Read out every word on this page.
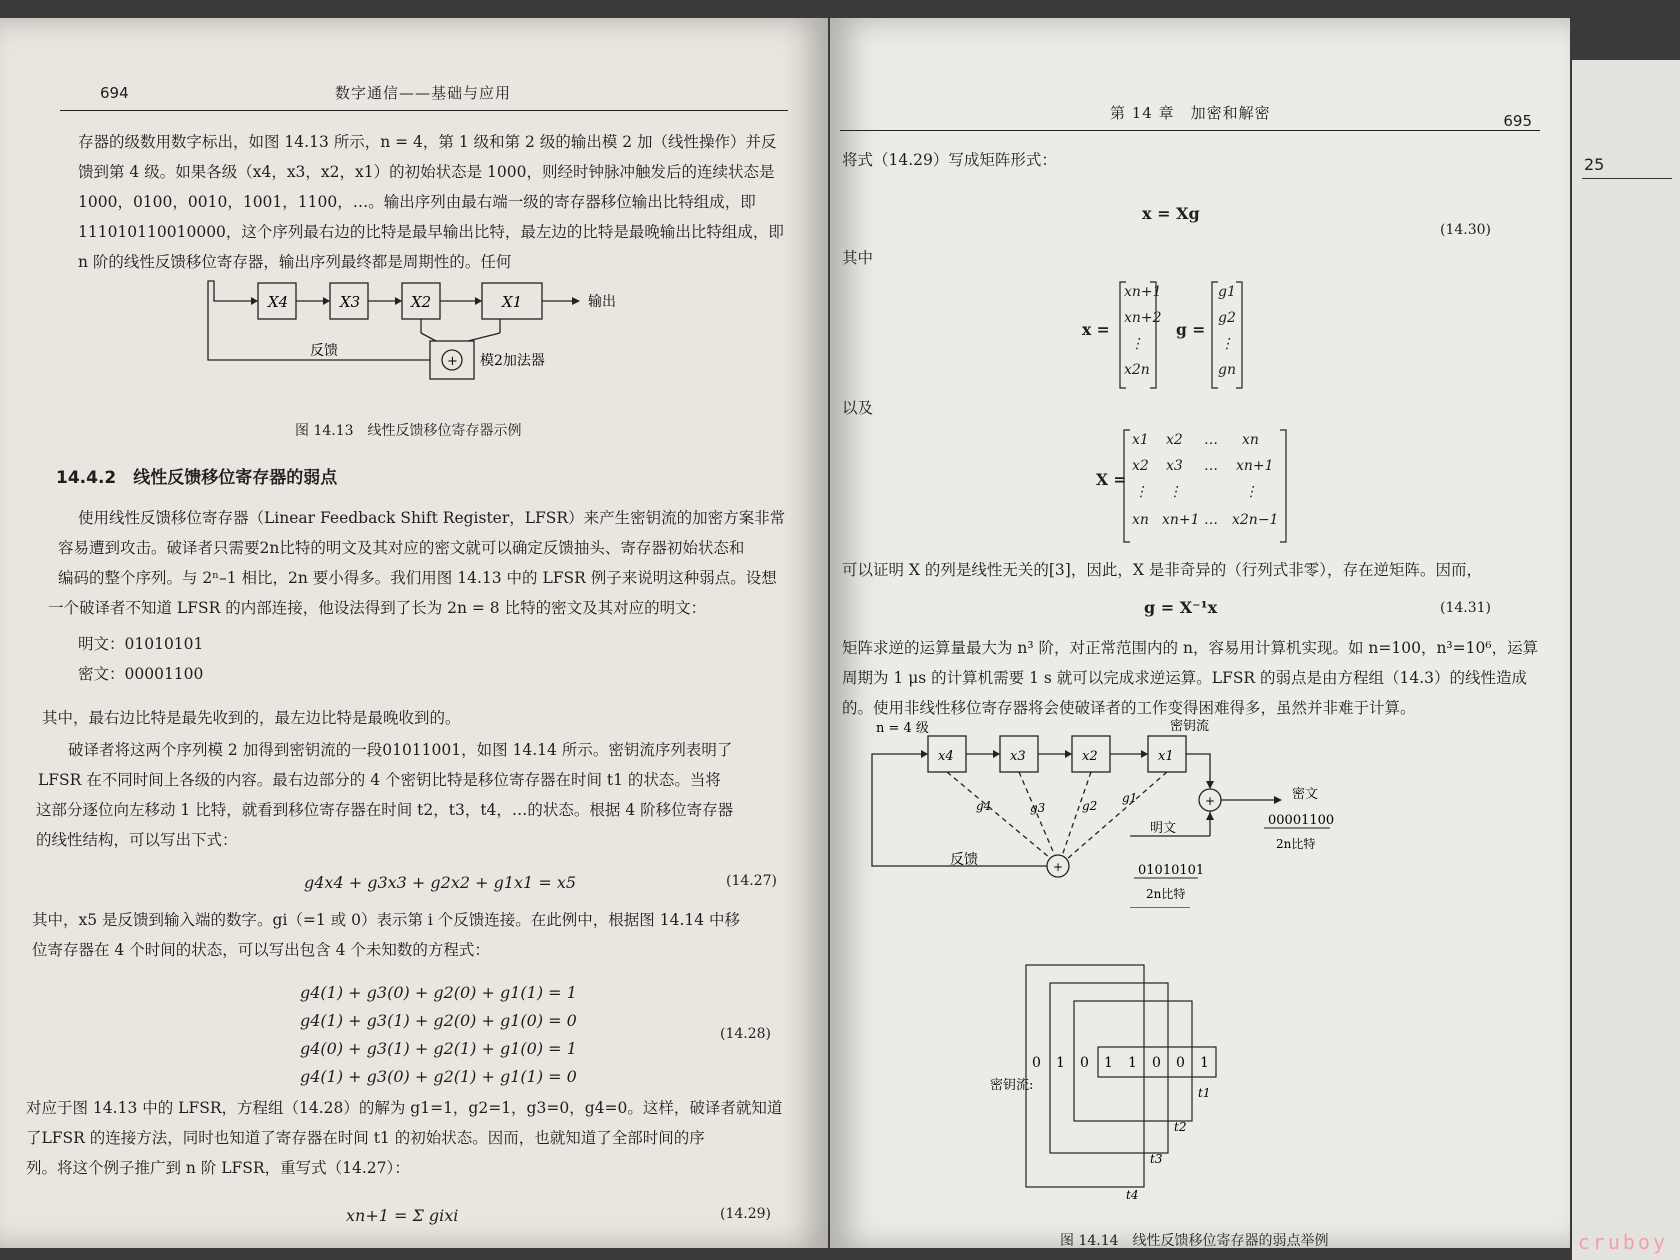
694	数字通信——基础与应用
存器的级数用数字标出，如图 14.13 所示，n = 4，第 1 级和第 2 级的输出模 2 加（线性操作）并反
馈到第 4 级。如果各级（x4，x3，x2，x1）的初始状态是 1000，则经时钟脉冲触发后的连续状态是
1000，0100，0010，1001，1100，…。输出序列由最右端一级的寄存器移位输出比特组成，即
111010110010000，这个序列最右边的比特是最早输出比特，最左边的比特是最晚输出比特组成，即
n 阶的线性反馈移位寄存器，输出序列最终都是周期性的。任何
X4	X3	X2	X1	输出
反馈
+ 模2加法器
图 14.13　线性反馈移位寄存器示例
14.4.2　线性反馈移位寄存器的弱点
使用线性反馈移位寄存器（Linear Feedback Shift Register，LFSR）来产生密钥流的加密方案非常
容易遭到攻击。破译者只需要2n比特的明文及其对应的密文就可以确定反馈抽头、寄存器初始状态和
编码的整个序列。与 2ⁿ–1 相比，2n 要小得多。我们用图 14.13 中的 LFSR 例子来说明这种弱点。设想
一个破译者不知道 LFSR 的内部连接，他设法得到了长为 2n = 8 比特的密文及其对应的明文：
明文：01010101
密文：00001100
其中，最右边比特是最先收到的，最左边比特是最晚收到的。
破译者将这两个序列模 2 加得到密钥流的一段01011001，如图 14.14 所示。密钥流序列表明了
LFSR 在不同时间上各级的内容。最右边部分的 4 个密钥比特是移位寄存器在时间 t1 的状态。当将
这部分逐位向左移动 1 比特，就看到移位寄存器在时间 t2，t3，t4，…的状态。根据 4 阶移位寄存器
的线性结构，可以写出下式：
g4x4 + g3x3 + g2x2 + g1x1 = x5	(14.27)
其中，x5 是反馈到输入端的数字。gi（=1 或 0）表示第 i 个反馈连接。在此例中，根据图 14.14 中移
位寄存器在 4 个时间的状态，可以写出包含 4 个未知数的方程式：
g4(1) + g3(0) + g2(0) + g1(1) = 1
g4(1) + g3(1) + g2(0) + g1(0) = 0
g4(0) + g3(1) + g2(1) + g1(0) = 1
g4(1) + g3(0) + g2(1) + g1(1) = 0
(14.28)
对应于图 14.13 中的 LFSR，方程组（14.28）的解为 g1=1，g2=1，g3=0，g4=0。这样，破译者就知道
了LFSR 的连接方法，同时也知道了寄存器在时间 t1 的初始状态。因而，也就知道了全部时间的序
列。将这个例子推广到 n 阶 LFSR，重写式（14.27）：
xn+1 = Σ gixi	(14.29)
第 14 章　加密和解密	695
将式（14.29）写成矩阵形式：
x = Xg
(14.30)
其中
x =
xn+1
xn+2
⋮
x2n
g =
g1
g2
⋮
gn
以及
X =
x1 x2 … xn
x2 x3 … xn+1
⋮ ⋮	⋮
xn xn+1 … x2n−1
可以证明 X 的列是线性无关的[3]，因此，X 是非奇异的（行列式非零），存在逆矩阵。因而，
g = X⁻¹x	(14.31)
矩阵求逆的运算量最大为 n³ 阶，对正常范围内的 n，容易用计算机实现。如 n=100，n³=10⁶，运算
周期为 1 μs 的计算机需要 1 s 就可以完成求逆运算。LFSR 的弱点是由方程组（14.3）的线性造成
的。使用非线性移位寄存器将会使破译者的工作变得困难得多，虽然并非难于计算。
n = 4 级
x4	x3	x2	x1
g4	g3	g2
g1
密钥流
+
+
密文
00001100
2n比特
明文
反馈
01010101
2n比特
密钥流:
0 1 0 1 1 0 0 1
t1
t2
t3
t4
图 14.14　线性反馈移位寄存器的弱点举例
25
cruboy
